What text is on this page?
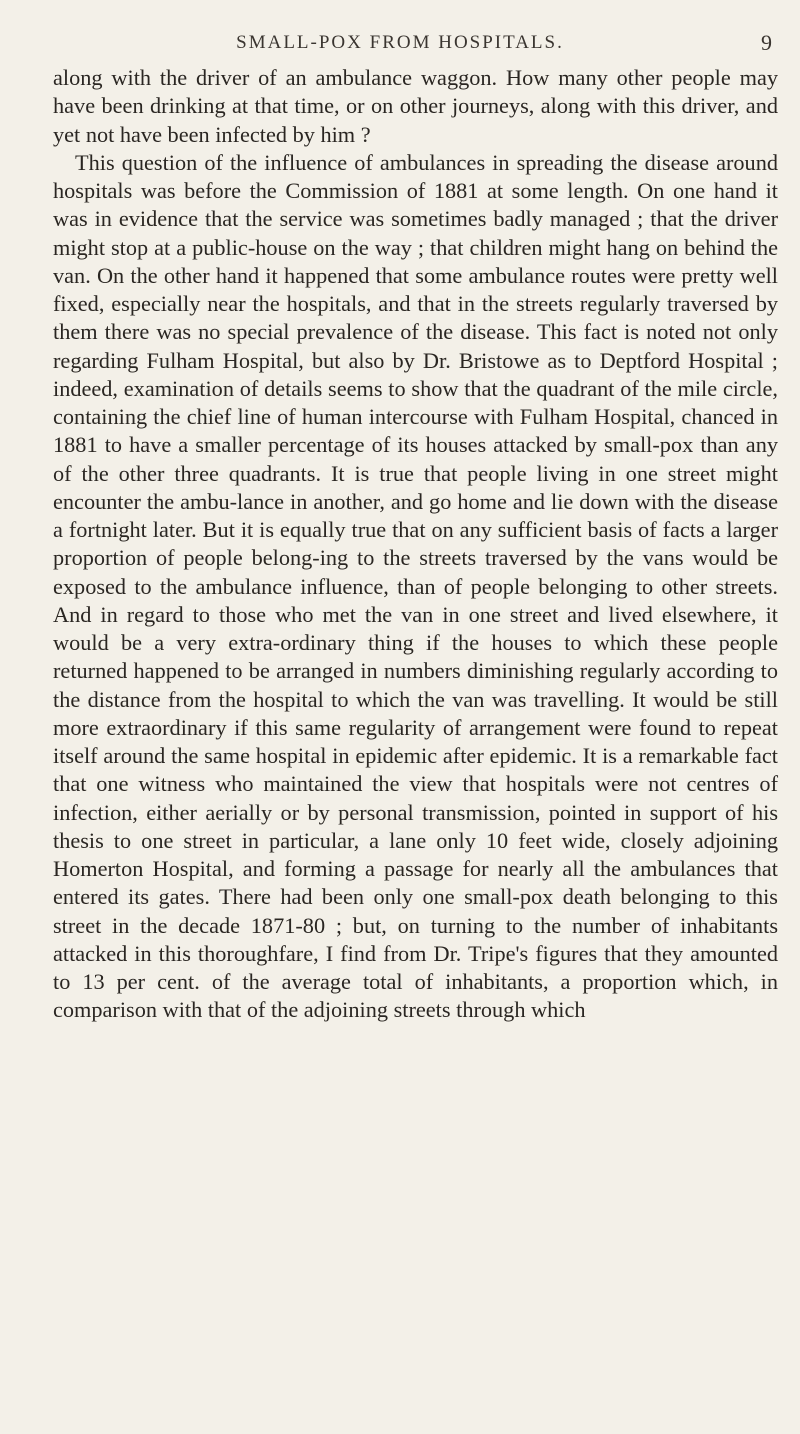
SMALL-POX FROM HOSPITALS.	9

along with the driver of an ambulance waggon. How many other people may have been drinking at that time, or on other journeys, along with this driver, and yet not have been infected by him ?

This question of the influence of ambulances in spreading the disease around hospitals was before the Commission of 1881 at some length. On one hand it was in evidence that the service was sometimes badly managed ; that the driver might stop at a public-house on the way ; that children might hang on behind the van. On the other hand it happened that some ambulance routes were pretty well fixed, especially near the hospitals, and that in the streets regularly traversed by them there was no special prevalence of the disease. This fact is noted not only regarding Fulham Hospital, but also by Dr. Bristowe as to Deptford Hospital ; indeed, examination of details seems to show that the quadrant of the mile circle, containing the chief line of human intercourse with Fulham Hospital, chanced in 1881 to have a smaller percentage of its houses attacked by small-pox than any of the other three quadrants. It is true that people living in one street might encounter the ambu-lance in another, and go home and lie down with the disease a fortnight later. But it is equally true that on any sufficient basis of facts a larger proportion of people belong-ing to the streets traversed by the vans would be exposed to the ambulance influence, than of people belonging to other streets. And in regard to those who met the van in one street and lived elsewhere, it would be a very extra-ordinary thing if the houses to which these people returned happened to be arranged in numbers diminishing regularly according to the distance from the hospital to which the van was travelling. It would be still more extraordinary if this same regularity of arrangement were found to repeat itself around the same hospital in epidemic after epidemic. It is a remarkable fact that one witness who maintained the view that hospitals were not centres of infection, either aerially or by personal transmission, pointed in support of his thesis to one street in particular, a lane only 10 feet wide, closely adjoining Homerton Hospital, and forming a passage for nearly all the ambulances that entered its gates. There had been only one small-pox death belonging to this street in the decade 1871-80 ; but, on turning to the number of inhabitants attacked in this thoroughfare, I find from Dr. Tripe's figures that they amounted to 13 per cent. of the average total of inhabitants, a proportion which, in comparison with that of the adjoining streets through which
